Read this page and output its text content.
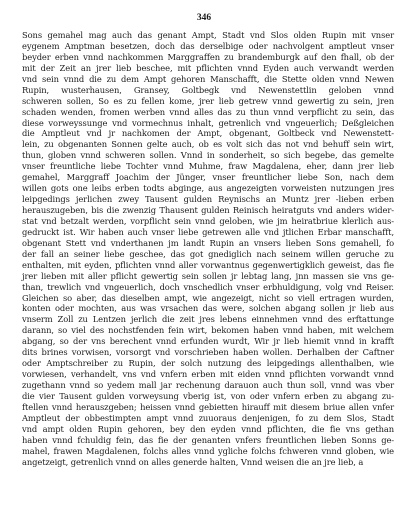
346
Sons gemahel mag auch das genant Ampt, Stadt vnd Slos olden Rupin mit vnser
eygenem Amptman besetzen, doch das derselbige oder nachvolgent amptleut vnser
beyder erben vnnd nachkommen Marggraffen zu brandemburgk auf den fhall, ob der
mit der Zeit an jrer lieb beschee, mit pflichten vnnd Eyden auch verwandt werden
vnd sein vnnd die zu dem Ampt gehoren Manschafft, die Stette olden vnnd Newen
Rupin, wusterhausen, Gransey, Goltbegk vnd Newenstettlin geloben vnnd
schweren sollen, So es zu fellen kome, jrer lieb getrew vnnd gewertig zu sein, jren
schaden wenden, fromen werben vnnd alles das zu thun vnnd verpflicht zu sein, das
diese vorweyssunge vnd vormechnus inhalt, getrenlich vnd vngeuerlich; Deßgleichen
die Amptleut vnd jr nachkomen der Ampt, obgenant, Goltbeck vnd Newenstett-
lein, zu obgenanten Sonnen gelte auch, ob es volt sich das not vnd behuff sein wirt,
thun, globen vnnd schweren sollen. Vnnd in sonderheit, so sich begebe, das gemelte
vnser freuntliche liebe Tochter vnnd Muhme, fraw Magdalena, eher, dann jrer lieb
gemahel, Marggraff Joachim der Jünger, vnser freuntlicher liebe Son, nach dem
willen gots one leibs erben todts abginge, aus angezeigten vorweisten nutzungen jres
leipgedings jerlichen zwey Tausent gulden Reynischs an Muntz jrer -lieben erben
herauszugeben, bis die zwenzig Thausent gulden Reinisch heiratguts vnd anders wider-
stat vnd betzalt werden, vorpflicht sein vnnd geloben, wie jm heiratbriue klerlich aus-
gedruckt ist. Wir haben auch vnser liebe getrewen alle vnd jtlichen Erbar manschafft,
obgenant Stett vnd vnderthanen jm landt Rupin an vnsers lieben Sons gemahell, fo
der fall an seiner liebe geschee, das got gnediglich nach seinem willen geruche zu
enthalten, mit eyden, pflichten vnnd aller vorwantnus gegenwertigklich geweist, das fie
jrer lieben mit aller pflicht gewertig sein sollen jr lebtag lang, jnn massen sie vns ge-
than, trewlich vnd vngeuerlich, doch vnschedlich vnser erbhuldigung, volg vnd Reiser.
Gleichen so aber, das dieselben ampt, wie angezeigt, nicht so viell ertragen wurden,
konten oder mochten, aus was vrsachen das were, solchen abgang sollen jr lieb aus
vnserm Zoll zu Lentzen jerlich die zeit jres lebens einnehmen vnnd des erftattunge
darann, so viel des nochstfenden fein wirt, bekomen haben vnnd haben, mit welchem
abgang, so der vns berechent vnnd erfunden wurdt, Wir jr lieb hiemit vnnd in krafft
dits brines vorwisen, vorsorgt vnd vorschrieben haben wollen. Derhalben der Caftner
oder Amptschreiber zu Rupin, der solch nutzung des leipgedings allenthalben, wie
vorwiesen, verhandelt, vns vnd vnfern erben mit eiden vnnd pflichten vorwandt vnnd
zugethann vnnd so yedem mall jar rechenung darauon auch thun soll, vnnd was vber
die vier Tausent gulden vorweysung vberig ist, von oder vnfern erben zu abgang zu-
ftellen vnnd herauszgeben; heissen vnnd gebietten hirauff mit diesem briue allen vnfer
Amptleut der obbestimpten ampt vnnd zuuoraus denjenigen, fo zu dem Slos, Stadt
vnd ampt olden Rupin gehoren, bey den eyden vnnd pflichten, die fie vns gethan
haben vnnd fchuldig fein, das fie der genanten vnfers freuntlichen lieben Sonns ge-
mahel, frawen Magdalenen, folchs alles vnnd ygliche folchs fchweren vnnd globen, wie
angetzeigt, getrenlich vnnd on alles generde halten, Vnnd weisen die an jre lieb, a
